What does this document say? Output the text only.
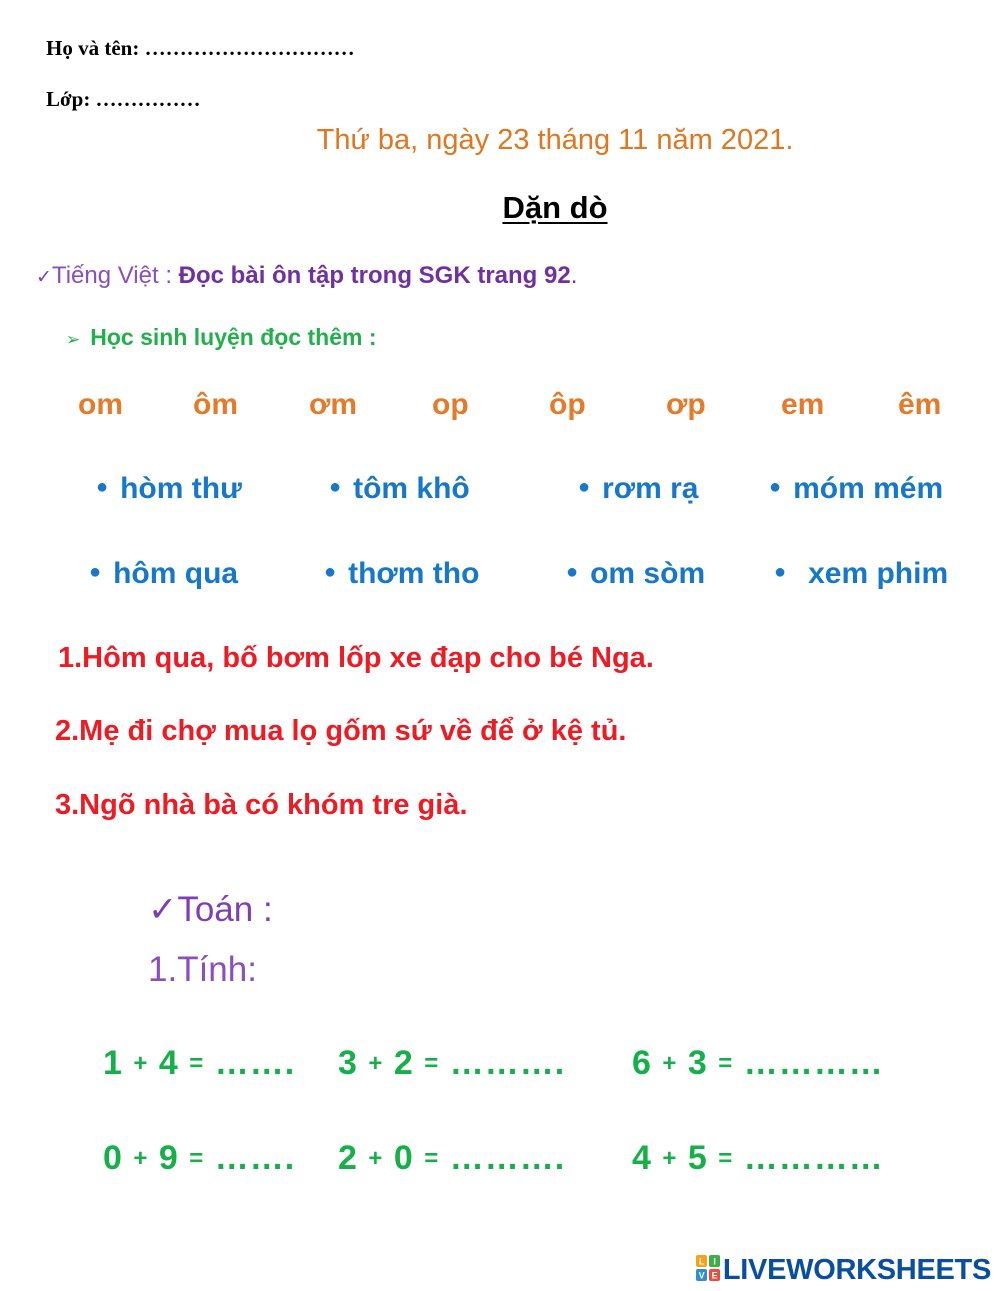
Họ và tên: …………………………
Lớp: ……………
Thứ ba, ngày 23 tháng 11 năm 2021.
Dặn dò
✓Tiếng Việt : Đọc bài ôn tập trong SGK trang 92.
➢ Học sinh luyện đọc thêm :
om ôm ơm op	ôp	ơp	em êm
● hòm thư	● tôm khô	● rơm rạ	● móm mém
● hôm qua	● thơm tho	● om sòm	● xem phim
1.Hôm qua, bố bơm lốp xe đạp cho bé Nga.
2.Mẹ đi chợ mua lọ gốm sứ về để ở kệ tủ.
3.Ngõ nhà bà có khóm tre già.
✓Toán :
1.Tính:
1 + 4 = ……. 3 + 2 = ………. 6 + 3 = …………
0 + 9 = ……. 2 + 0 = ………. 4 + 5 = …………
L I
V E LIVEWORKSHEETS
